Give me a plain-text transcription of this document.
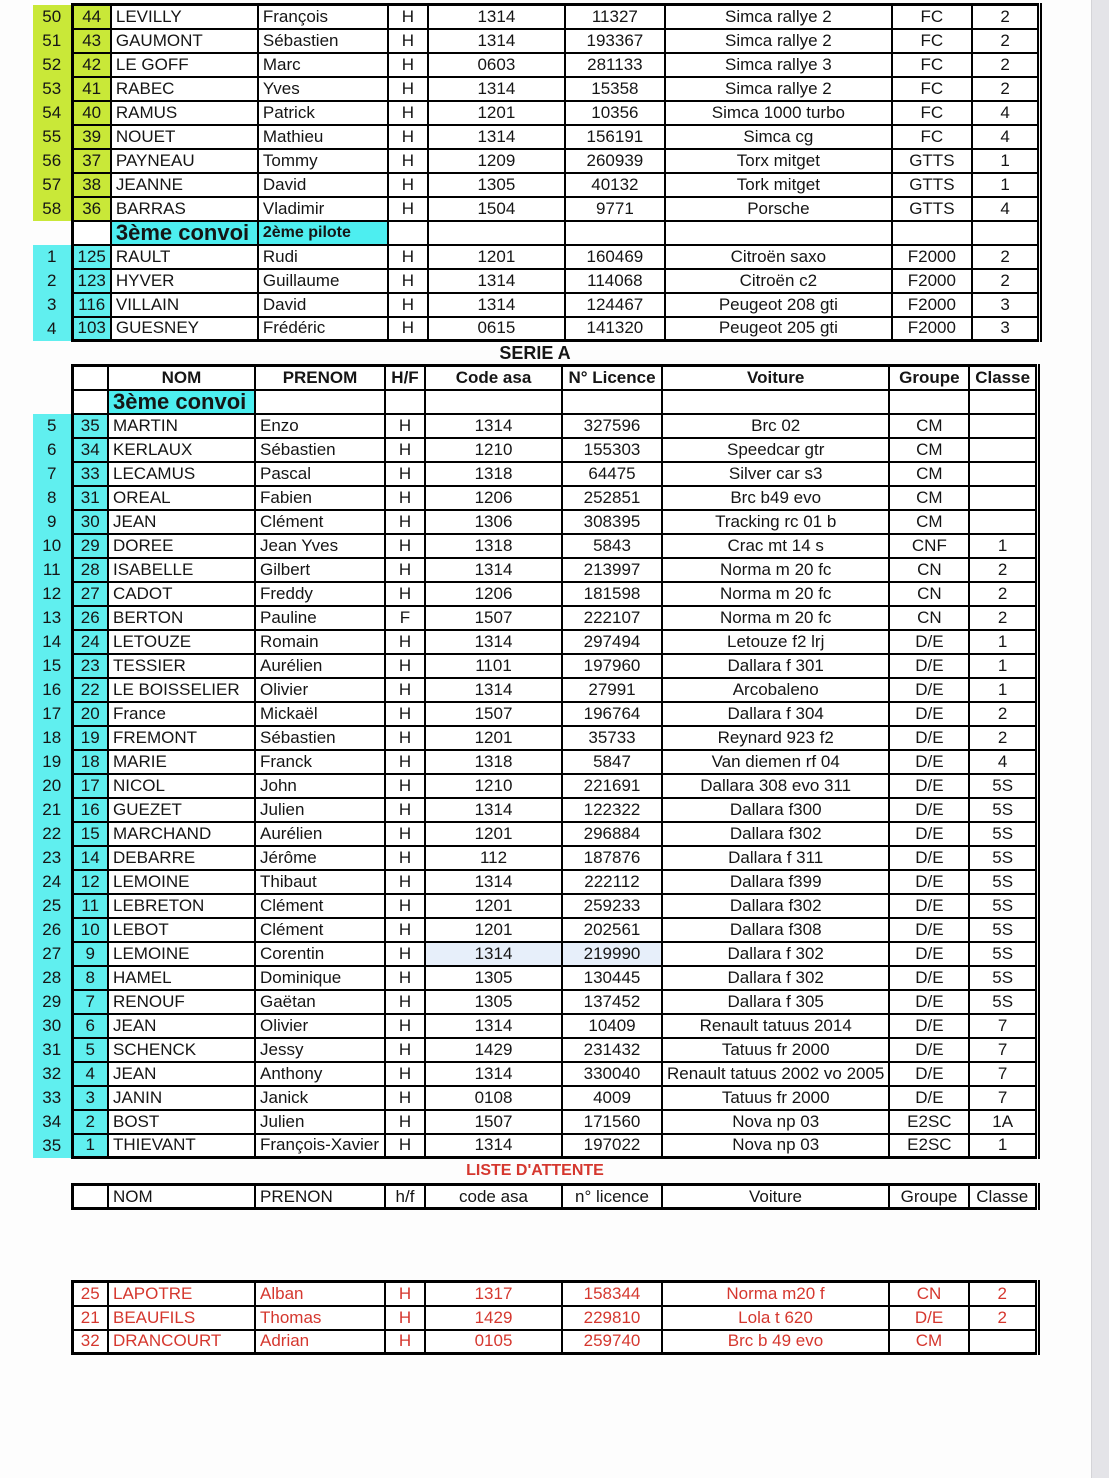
50	44	LEVILLY	François	H	1314	11327	Simca rallye 2	FC	2
51	43	GAUMONT	Sébastien	H	1314	193367	Simca rallye 2	FC	2
52	42	LE GOFF	Marc	H	0603	281133	Simca rallye 3	FC	2
53	41	RABEC	Yves	H	1314	15358	Simca rallye 2	FC	2
54	40	RAMUS	Patrick	H	1201	10356	Simca 1000 turbo	FC	4
55	39	NOUET	Mathieu	H	1314	156191	Simca cg	FC	4
56	37	PAYNEAU	Tommy	H	1209	260939	Torx mitget	GTTS	1
57	38	JEANNE	David	H	1305	40132	Tork mitget	GTTS	1
58	36	BARRAS	Vladimir	H	1504	9771	Porsche	GTTS	4
		3ème convoi	2ème pilote						
1	125	RAULT	Rudi	H	1201	160469	Citroën saxo	F2000	2
2	123	HYVER	Guillaume	H	1314	114068	Citroën c2	F2000	2
3	116	VILLAIN	David	H	1314	124467	Peugeot 208 gti	F2000	3
4	103	GUESNEY	Frédéric	H	0615	141320	Peugeot 205 gti	F2000	3
SERIE A
		NOM	PRENOM	H/F	Code asa	N° Licence	Voiture	Groupe	Classe
		3ème convoi							
5	35	MARTIN	Enzo	H	1314	327596	Brc 02	CM	
6	34	KERLAUX	Sébastien	H	1210	155303	Speedcar gtr	CM	
7	33	LECAMUS	Pascal	H	1318	64475	Silver car s3	CM	
8	31	OREAL	Fabien	H	1206	252851	Brc b49 evo	CM	
9	30	JEAN	Clément	H	1306	308395	Tracking rc 01 b	CM	
10	29	DOREE	Jean Yves	H	1318	5843	Crac mt 14 s	CNF	1
11	28	ISABELLE	Gilbert	H	1314	213997	Norma m 20 fc	CN	2
12	27	CADOT	Freddy	H	1206	181598	Norma m 20 fc	CN	2
13	26	BERTON	Pauline	F	1507	222107	Norma m 20 fc	CN	2
14	24	LETOUZE	Romain	H	1314	297494	Letouze f2 lrj	D/E	1
15	23	TESSIER	Aurélien	H	1101	197960	Dallara f 301	D/E	1
16	22	LE BOISSELIER	Olivier	H	1314	27991	Arcobaleno	D/E	1
17	20	France	Mickaël	H	1507	196764	Dallara f 304	D/E	2
18	19	FREMONT	Sébastien	H	1201	35733	Reynard 923 f2	D/E	2
19	18	MARIE	Franck	H	1318	5847	Van diemen rf 04	D/E	4
20	17	NICOL	John	H	1210	221691	Dallara 308 evo 311	D/E	5S
21	16	GUEZET	Julien	H	1314	122322	Dallara f300	D/E	5S
22	15	MARCHAND	Aurélien	H	1201	296884	Dallara f302	D/E	5S
23	14	DEBARRE	Jérôme	H	112	187876	Dallara f 311	D/E	5S
24	12	LEMOINE	Thibaut	H	1314	222112	Dallara f399	D/E	5S
25	11	LEBRETON	Clément	H	1201	259233	Dallara f302	D/E	5S
26	10	LEBOT	Clément	H	1201	202561	Dallara f308	D/E	5S
27	9	LEMOINE	Corentin	H	1314	219990	Dallara f 302	D/E	5S
28	8	HAMEL	Dominique	H	1305	130445	Dallara f 302	D/E	5S
29	7	RENOUF	Gaëtan	H	1305	137452	Dallara f 305	D/E	5S
30	6	JEAN	Olivier	H	1314	10409	Renault tatuus 2014	D/E	7
31	5	SCHENCK	Jessy	H	1429	231432	Tatuus fr 2000	D/E	7
32	4	JEAN	Anthony	H	1314	330040	Renault tatuus 2002 vo 2005	D/E	7
33	3	JANIN	Janick	H	0108	4009	Tatuus fr 2000	D/E	7
34	2	BOST	Julien	H	1507	171560	Nova np 03	E2SC	1A
35	1	THIEVANT	François-Xavier	H	1314	197022	Nova np 03	E2SC	1
LISTE D'ATTENTE
		NOM	PRENON	h/f	code asa	n° licence	Voiture	Groupe	Classe
	25	LAPOTRE	Alban	H	1317	158344	Norma m20 f	CN	2
	21	BEAUFILS	Thomas	H	1429	229810	Lola t 620	D/E	2
	32	DRANCOURT	Adrian	H	0105	259740	Brc b 49 evo	CM	
